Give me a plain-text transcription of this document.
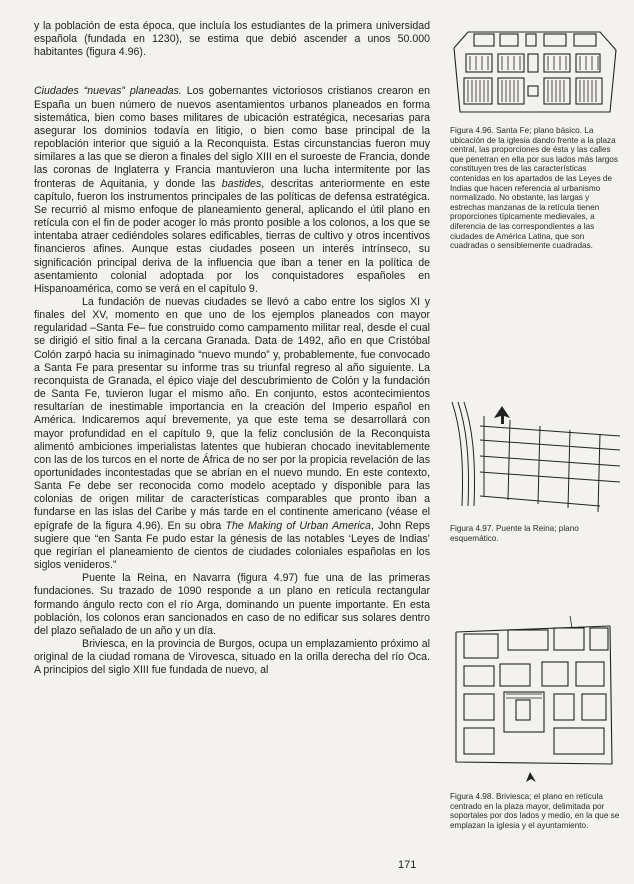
y la población de esta época, que incluía los estudiantes de la primera universidad española (fundada en 1230), se estima que debió ascender a unos 50.000 habitantes (figura 4.96).

Ciudades “nuevas” planeadas. Los gobernantes victoriosos cristianos crearon en España un buen número de nuevos asentamientos urbanos planeados en forma sistemática, bien como bases militares de ubicación estratégica, necesarias para asegurar los dominios todavía en litigio, o bien como base principal de la repoblación interior que siguió a la Reconquista. Estas circunstancias fueron muy similares a las que se dieron a finales del siglo XIII en el suroeste de Francia, donde las coronas de Inglaterra y Francia mantuvieron una lucha intermitente por las fronteras de Aquitania, y donde las bastides, descritas anteriormente en este capítulo, fueron los instrumentos principales de las políticas de defensa estratégica. Se recurrió al mismo enfoque de planeamiento general, aplicando el útil plano en retícula con el fin de poder acoger lo más pronto posible a los colonos, a los que se intentaba atraer cediéndoles solares edificables, tierras de cultivo y otros incentivos financieros afines. Aunque estas ciudades poseen un interés intrínseco, su significación principal deriva de la influencia que iban a tener en la política de asentamiento colonial adoptada por los conquistadores españoles en Hispanoamérica, como se verá en el capítulo 9.

La fundación de nuevas ciudades se llevó a cabo entre los siglos XI y finales del XV, momento en que uno de los ejemplos planeados con mayor regularidad –Santa Fe– fue construido como campamento militar real, desde el cual se dirigió el sitio final a la cercana Granada. Data de 1492, año en que Cristóbal Colón zarpó hacia su inimaginado “nuevo mundo” y, probablemente, fue convocado a Santa Fe para presentar su informe tras su triunfal regreso al año siguiente. La reconquista de Granada, el épico viaje del descubrimiento de Colón y la fundación de Santa Fe, tuvieron lugar el mismo año. En conjunto, estos acontecimientos resultarían de inestimable importancia en la creación del Imperio español en América. Indicaremos aquí brevemente, ya que este tema se desarrollará con mayor profundidad en el capítulo 9, que la feliz conclusión de la Reconquista alimentó ambiciones imperialistas latentes que hubieran chocado inevitablemente con las de los turcos en el norte de África de no ser por la propicia revelación de las oportunidades incontestadas que se abrían en el nuevo mundo. En este contexto, Santa Fe debe ser reconocida como modelo aceptado y disponible para las colonias de origen militar de características comparables que pronto iban a fundarse en las islas del Caribe y más tarde en el continente americano (véase el epígrafe de la figura 4.96). En su obra The Making of Urban America, John Reps sugiere que “en Santa Fe pudo estar la génesis de las notables ‘Leyes de Indias’ que regirían el planeamiento de cientos de ciudades coloniales españolas en los siglos venideros.”

Puente la Reina, en Navarra (figura 4.97) fue una de las primeras fundaciones. Su trazado de 1090 responde a un plano en retícula rectangular formando ángulo recto con el río Arga, dominando un puente importante. En esta población, los colonos eran sancionados en caso de no edificar sus solares dentro del plazo señalado de un año y un día.

Briviesca, en la provincia de Burgos, ocupa un emplazamiento próximo al original de la ciudad romana de Virovesca, situado en la orilla derecha del río Oca. A principios del siglo XIII fue fundada de nuevo, al

Figura 4.96. Santa Fe; plano básico. La ubicación de la iglesia dando frente a la plaza central, las proporciones de ésta y las calles que penetran en ella por sus lados más largos constituyen tres de las características contenidas en los apartados de las Leyes de Indias que hacen referencia al urbanismo normalizado. No obstante, las largas y estrechas manzanas de la retícula tienen proporciones típicamente medievales, a diferencia de las correspondientes a las ciudades de América Latina, que son cuadradas o sensiblemente cuadradas.
Figura 4.97. Puente la Reina; plano esquemático.
Figura 4.98. Briviesca; el plano en retícula centrado en la plaza mayor, delimitada por soportales por dos lados y medio, en la que se emplazan la iglesia y el ayuntamiento.
171
